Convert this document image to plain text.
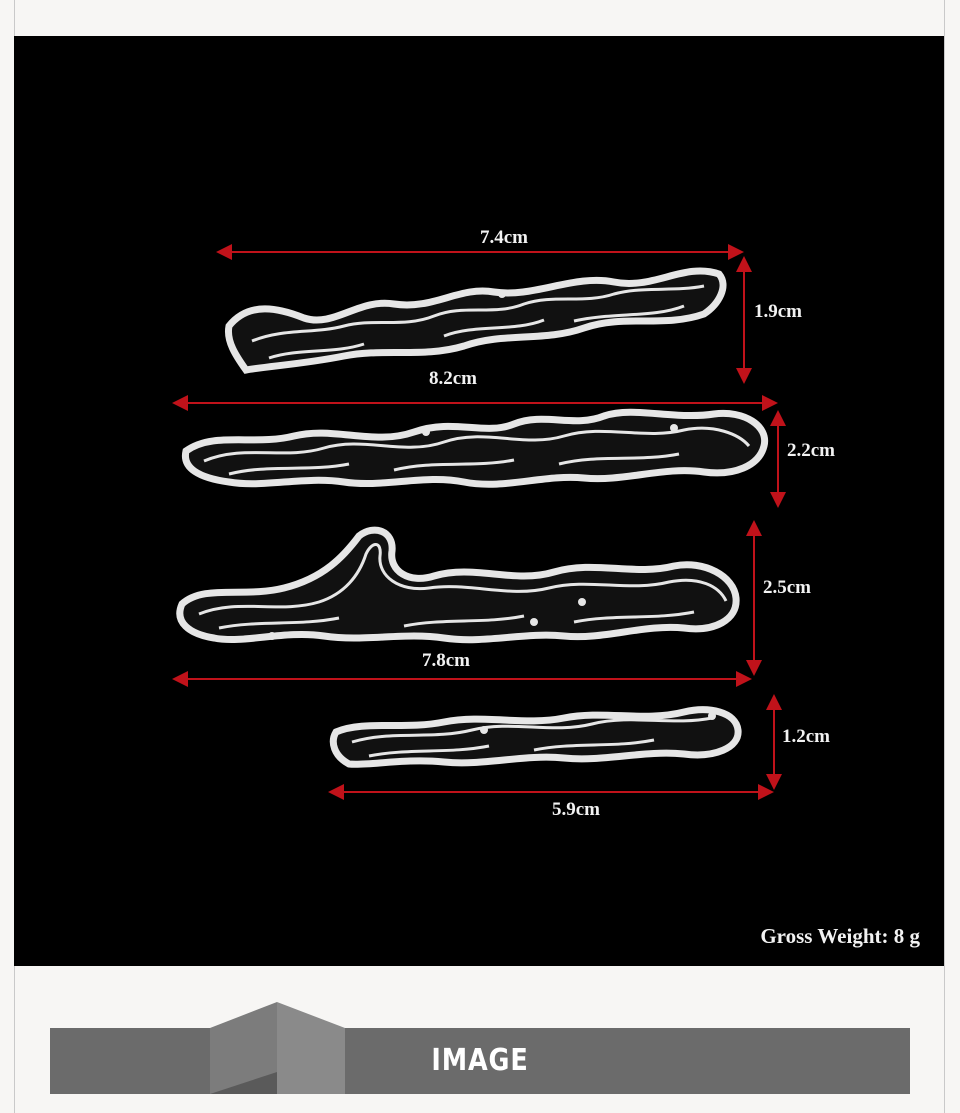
7.4cm
1.9cm
8.2cm
2.2cm
2.5cm
7.8cm
1.2cm
5.9cm
Gross Weight: 8 g
IMAGE
